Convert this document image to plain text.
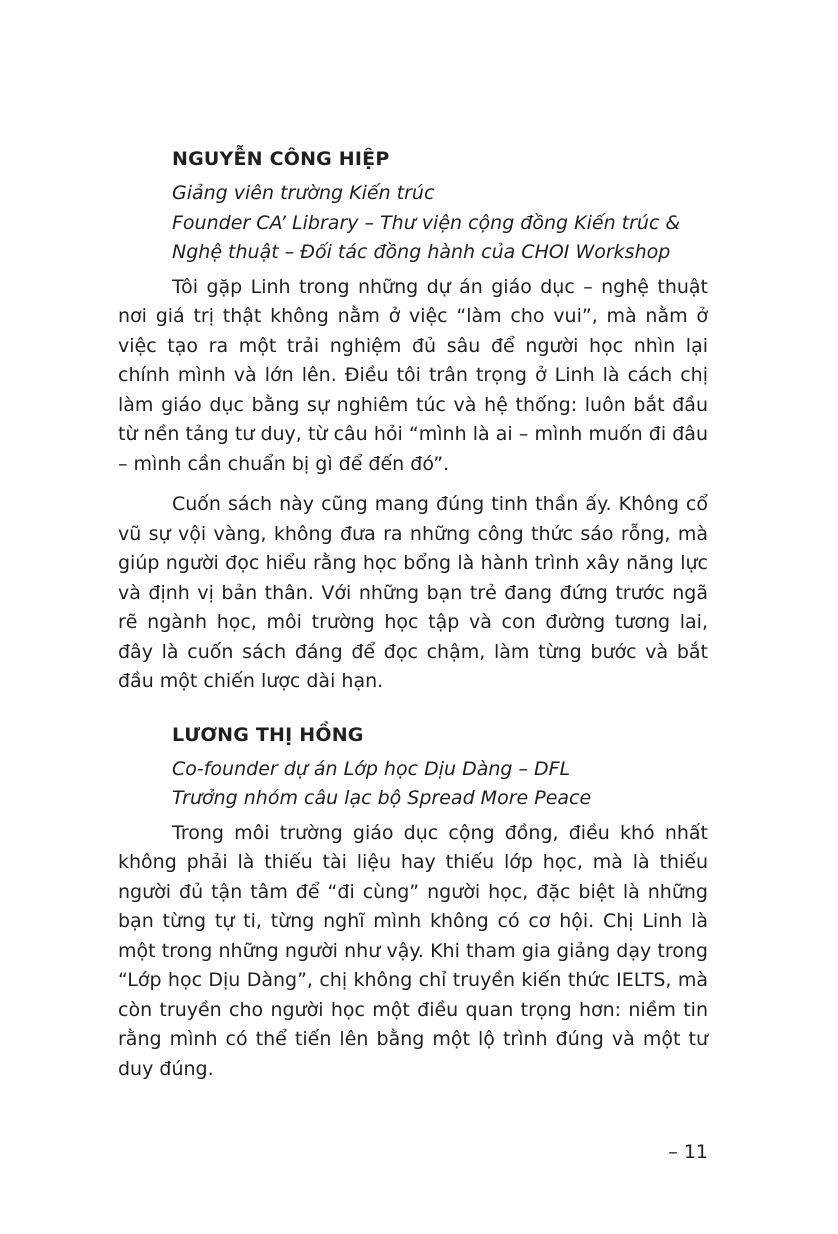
NGUYỄN CÔNG HIỆP

Giảng viên trường Kiến trúc

Founder CA’ Library – Thư viện cộng đồng Kiến trúc &

Nghệ thuật – Đối tác đồng hành của CHOI Workshop

Tôi gặp Linh trong những dự án giáo dục – nghệ thuật nơi giá trị thật không nằm ở việc “làm cho vui”, mà nằm ở việc tạo ra một trải nghiệm đủ sâu để người học nhìn lại chính mình và lớn lên. Điều tôi trân trọng ở Linh là cách chị làm giáo dục bằng sự nghiêm túc và hệ thống: luôn bắt đầu từ nền tảng tư duy, từ câu hỏi “mình là ai – mình muốn đi đâu – mình cần chuẩn bị gì để đến đó”.

Cuốn sách này cũng mang đúng tinh thần ấy. Không cổ vũ sự vội vàng, không đưa ra những công thức sáo rỗng, mà giúp người đọc hiểu rằng học bổng là hành trình xây năng lực và định vị bản thân. Với những bạn trẻ đang đứng trước ngã rẽ ngành học, môi trường học tập và con đường tương lai, đây là cuốn sách đáng để đọc chậm, làm từng bước và bắt đầu một chiến lược dài hạn.

LƯƠNG THỊ HỒNG

Co-founder dự án Lớp học Dịu Dàng – DFL

Trưởng nhóm câu lạc bộ Spread More Peace

Trong môi trường giáo dục cộng đồng, điều khó nhất không phải là thiếu tài liệu hay thiếu lớp học, mà là thiếu người đủ tận tâm để “đi cùng” người học, đặc biệt là những bạn từng tự ti, từng nghĩ mình không có cơ hội. Chị Linh là một trong những người như vậy. Khi tham gia giảng dạy trong “Lớp học Dịu Dàng”, chị không chỉ truyền kiến thức IELTS, mà còn truyền cho người học một điều quan trọng hơn: niềm tin rằng mình có thể tiến lên bằng một lộ trình đúng và một tư duy đúng.

– 11
